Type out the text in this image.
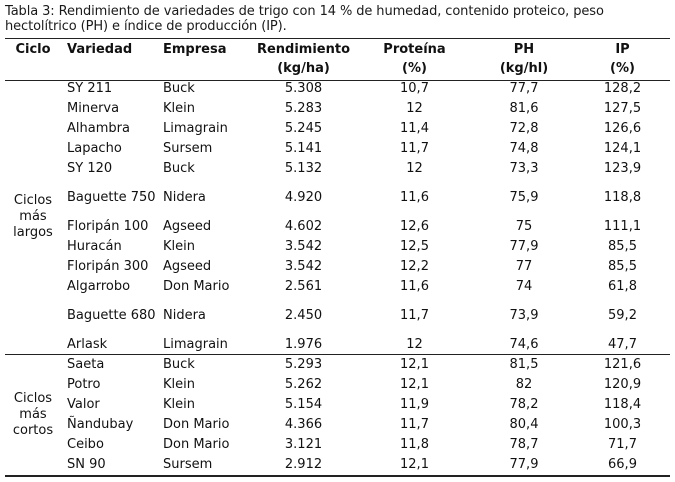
Tabla 3: Rendimiento de variedades de trigo con 14 % de humedad, contenido proteico, peso
hectolítrico (PH) e índice de producción (IP).
Ciclo	Variedad	Empresa	Rendimiento	Proteína	PH	IP
			(kg/ha)	(%)	(kg/hl)	(%)

Ciclos
más
largos	SY 211	Buck	5.308	10,7	77,7	128,2
	Minerva	Klein	5.283	12	81,6	127,5
	Alhambra	Limagrain	5.245	11,4	72,8	126,6
	Lapacho	Sursem	5.141	11,7	74,8	124,1
	SY 120	Buck	5.132	12	73,3	123,9
	Baguette 750	Nidera	4.920	11,6	75,9	118,8
	Floripán 100	Agseed	4.602	12,6	75	111,1
	Huracán	Klein	3.542	12,5	77,9	85,5
	Floripán 300	Agseed	3.542	12,2	77	85,5
	Algarrobo	Don Mario	2.561	11,6	74	61,8
	Baguette 680	Nidera	2.450	11,7	73,9	59,2
	Arlask	Limagrain	1.976	12	74,6	47,7

Ciclos
más
cortos	Saeta	Buck	5.293	12,1	81,5	121,6
	Potro	Klein	5.262	12,1	82	120,9
	Valor	Klein	5.154	11,9	78,2	118,4
	Ñandubay	Don Mario	4.366	11,7	80,4	100,3
	Ceibo	Don Mario	3.121	11,8	78,7	71,7
	SN 90	Sursem	2.912	12,1	77,9	66,9
